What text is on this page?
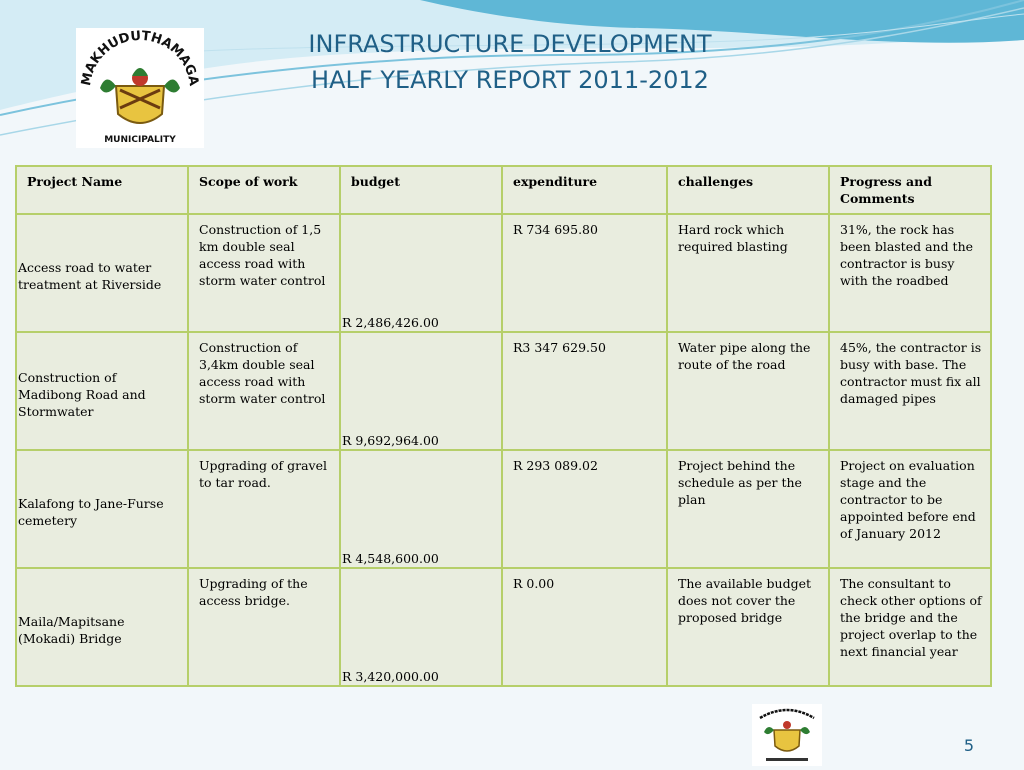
MAKHUDUTHAMAGA
MUNICIPALITY
INFRASTRUCTURE DEVELOPMENT
HALF YEARLY REPORT 2011-2012
Project Name	Scope of work	budget	expenditure	challenges	Progress and Comments
Access road to water treatment at Riverside	Construction of 1,5 km double seal access road with storm water control	R 2,486,426.00	R 734 695.80	Hard rock which required blasting	31%, the rock has been blasted and the contractor is busy with the roadbed
Construction of Madibong Road and Stormwater	Construction of 3,4km double seal access road with storm water control	R 9,692,964.00	R3 347 629.50	Water pipe along the route of the road	45%, the contractor is busy with base. The contractor must fix all damaged pipes
Kalafong to Jane-Furse cemetery	Upgrading of gravel to tar road.	R 4,548,600.00	R 293 089.02	Project behind the schedule as per the plan	Project on evaluation stage and the contractor to be appointed before end of January 2012
Maila/Mapitsane (Mokadi) Bridge	Upgrading of the access bridge.	R 3,420,000.00	R 0.00	The available budget does not cover the proposed bridge	The consultant to check other options of the bridge and the project overlap to the next financial year
5
